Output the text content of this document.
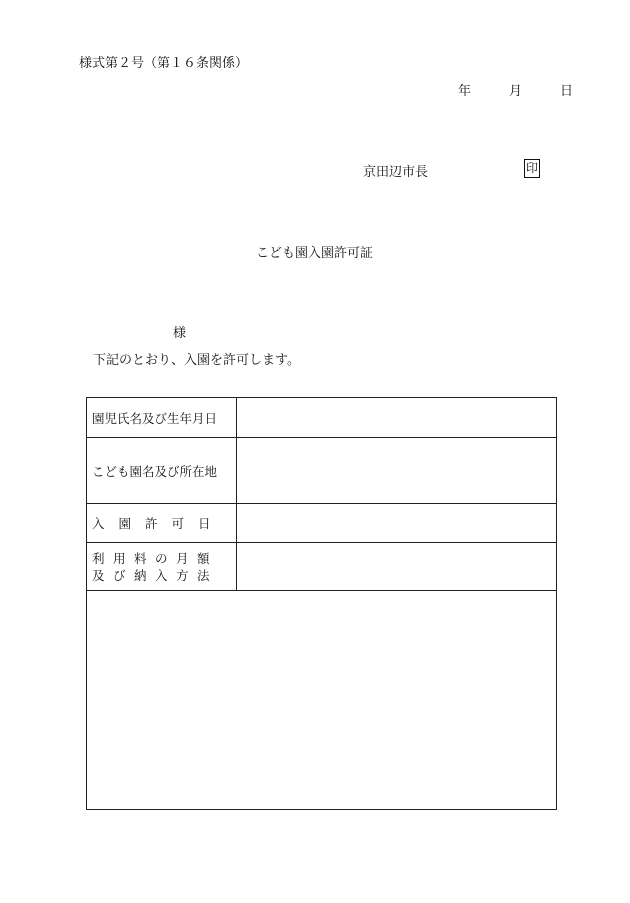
様式第２号（第１６条関係）
年	月	日
京田辺市長	印
こども園入園許可証
様
下記のとおり、入園を許可します。
園児氏名及び生年月日
こども園名及び所在地
入園許可日
利用料の月額
及び納入方法
